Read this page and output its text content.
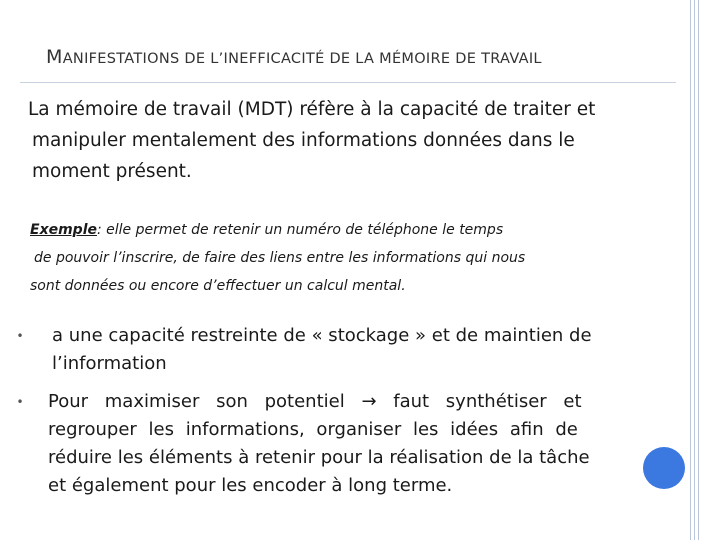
MANIFESTATIONS DE L’INEFFICACITÉ DE LA MÉMOIRE DE TRAVAIL
La mémoire de travail (MDT) réfère à la capacité de traiter et
manipuler mentalement des informations données dans le
moment présent.
Exemple: elle permet de retenir un numéro de téléphone le temps
de pouvoir l’inscrire, de faire des liens entre les informations qui nous
sont données ou encore d’effectuer un calcul mental.
•	a une capacité restreinte de « stockage » et de maintien de
l’information
•	Pour maximiser son potentiel → faut synthétiser et
regrouper les informations, organiser les idées afin de
réduire les éléments à retenir pour la réalisation de la tâche
et également pour les encoder à long terme.
